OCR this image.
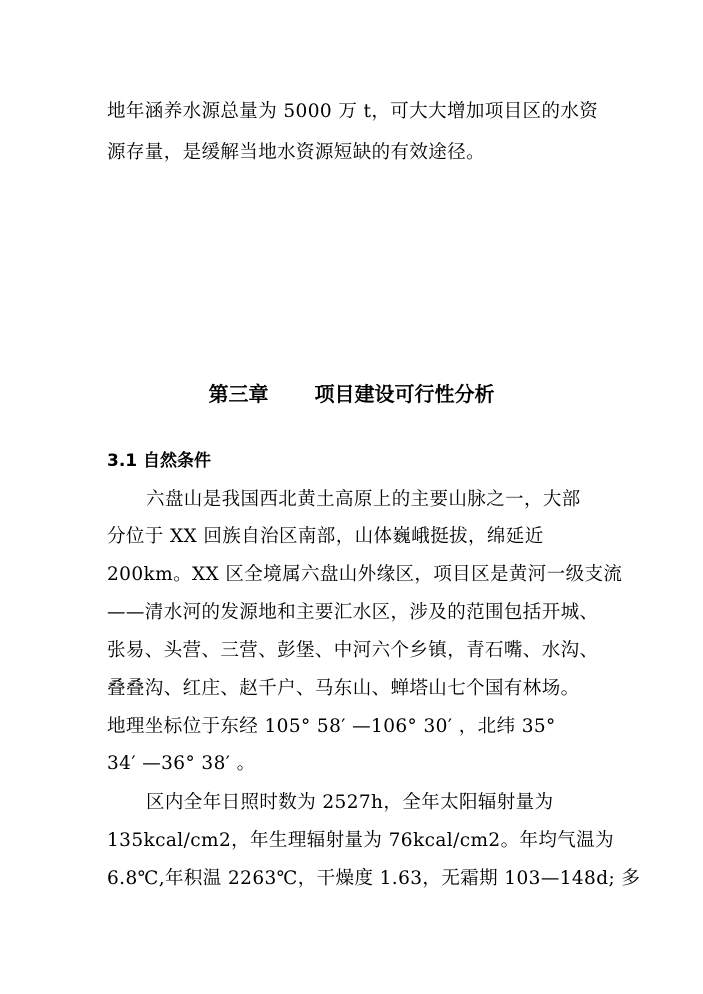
地年涵养水源总量为 5000 万 t，可大大增加项目区的水资
源存量，是缓解当地水资源短缺的有效途径。
第三章 项目建设可行性分析
3.1 自然条件
六盘山是我国西北黄土高原上的主要山脉之一，大部
分位于 XX 回族自治区南部，山体巍峨挺拔，绵延近
200km。XX 区全境属六盘山外缘区，项目区是黄河一级支流
——清水河的发源地和主要汇水区，涉及的范围包括开城、
张易、头营、三营、彭堡、中河六个乡镇，青石嘴、水沟、
叠叠沟、红庄、赵千户、马东山、蝉塔山七个国有林场。
地理坐标位于东经 105° 58′ —106° 30′ ，北纬 35°
34′ —36° 38′ 。
区内全年日照时数为 2527h，全年太阳辐射量为
135kcal/cm2，年生理辐射量为 76kcal/cm2。年均气温为
6.8℃,年积温 2263℃，干燥度 1.63，无霜期 103—148d; 多
